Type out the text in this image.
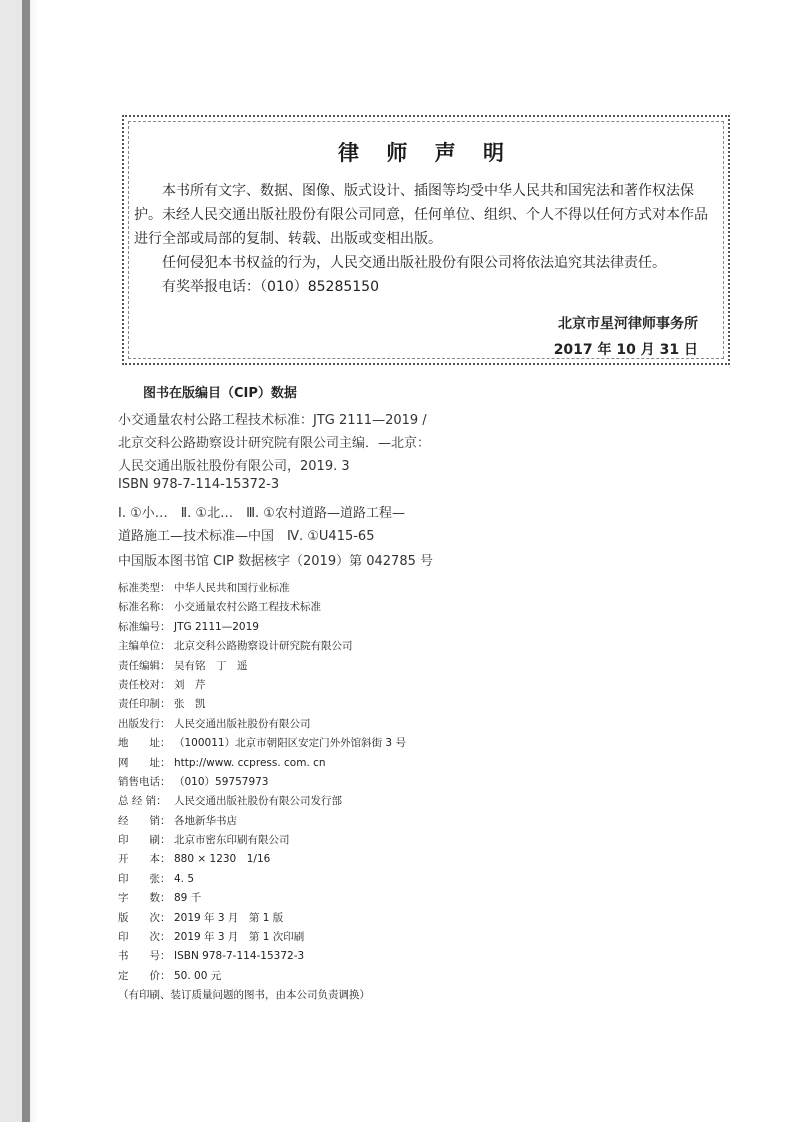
律 师 声 明
本书所有文字、数据、图像、版式设计、插图等均受中华人民共和国宪法和著作权法保护。未经人民交通出版社股份有限公司同意，任何单位、组织、个人不得以任何方式对本作品进行全部或局部的复制、转载、出版或变相出版。
任何侵犯本书权益的行为，人民交通出版社股份有限公司将依法追究其法律责任。
有奖举报电话：（010）85285150
北京市星河律师事务所
2017 年 10 月 31 日
图书在版编目（CIP）数据
小交通量农村公路工程技术标准：JTG 2111—2019 /
北京交科公路勘察设计研究院有限公司主编．—北京：
人民交通出版社股份有限公司，2019. 3
ISBN 978-7-114-15372-3
Ⅰ. ①小…　Ⅱ. ①北…　Ⅲ. ①农村道路—道路工程—
道路施工—技术标准—中国　Ⅳ. ①U415-65
中国版本图书馆 CIP 数据核字（2019）第 042785 号
标准类型： 中华人民共和国行业标准
标准名称： 小交通量农村公路工程技术标准
标准编号： JTG 2111—2019
主编单位： 北京交科公路勘察设计研究院有限公司
责任编辑： 吴有铭　丁　遥
责任校对： 刘　芹
责任印制： 张　凯
出版发行： 人民交通出版社股份有限公司
地　　址： （100011）北京市朝阳区安定门外外馆斜街 3 号
网　　址： http://www. ccpress. com. cn
销售电话： （010）59757973
总 经 销： 人民交通出版社股份有限公司发行部
经　　销： 各地新华书店
印　　刷： 北京市密东印刷有限公司
开　　本： 880 × 1230　1/16
印　　张： 4. 5
字　　数： 89 千
版　　次： 2019 年 3 月　第 1 版
印　　次： 2019 年 3 月　第 1 次印刷
书　　号： ISBN 978-7-114-15372-3
定　　价： 50. 00 元
（有印刷、装订质量问题的图书，由本公司负责调换）
